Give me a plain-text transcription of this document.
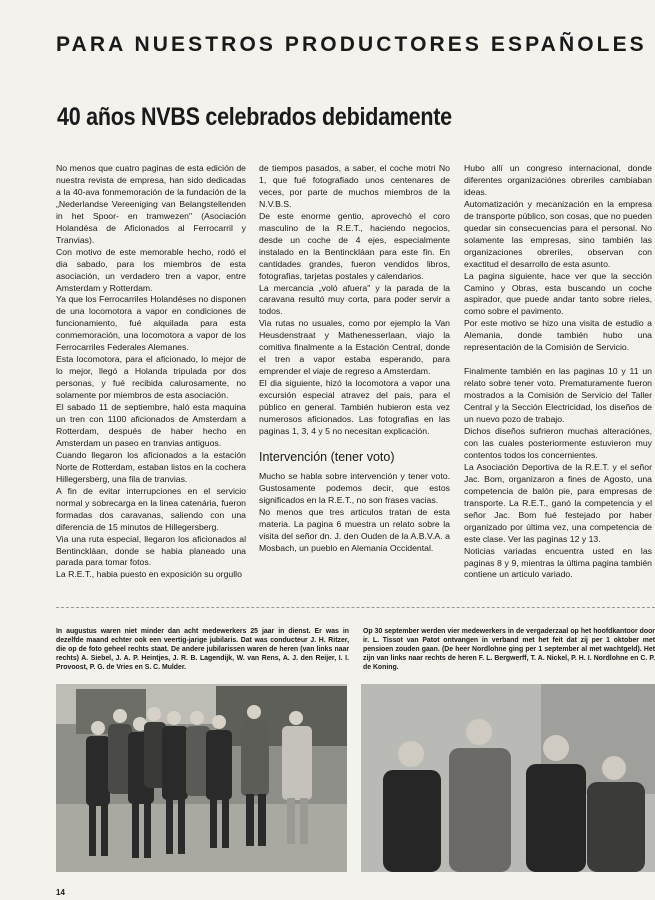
PARA NUESTROS PRODUCTORES ESPAÑOLES
40 años NVBS celebrados debidamente

No menos que cuatro paginas de esta edición de nuestra revista de empresa, han sido dedicadas a la 40-ava fonmemoración de la fundación de la „Nederlandse Vereeniging van Belangstellenden in het Spoor- en tramwezen" (Asociación Holandésa de Aficionados al Ferrocarril y Tranvias).

Con motivo de este memorable hecho, rodó el dia sabado, para los miembros de esta asociación, un verdadero tren a vapor, entre Amsterdam y Rotterdam.

Ya que los Ferrocarriles Holandéses no disponen de una locomotora a vapor en condiciones de funcionamiento, fué alquilada para esta conmemoración, una locomotora a vapor de los Ferrocarriles Federales Alemanes.

Esta locomotora, para el aficionado, lo mejor de lo mejor, llegó a Holanda tripulada por dos personas, y fué recibida calurosamente, no solamente por miembros de esta asociación.

El sabado 11 de septiembre, haló esta maquina un tren con 1100 aficionados de Amsterdam a Rotterdam, después de haber hecho en Amsterdam un paseo en tranvias antiguos.

Cuando llegaron los aficionados a la estación Norte de Rotterdam, estaban listos en la cochera Hillegersberg, una fila de tranvias.

A fin de evitar interrupciones en el servicio normal y sobrecarga en la linea catenária, fueron formadas dos caravanas, saliendo con una diferencia de 15 minutos de Hillegersberg.

Via una ruta especial, llegaron los aficionados al Bentinckláan, donde se habia planeado una parada para tomar fotos.

La R.E.T., habia puesto en exposición su orgullo

de tiempos pasados, a saber, el coche motri No 1, que fué fotografiado unos centenares de veces, por parte de muchos miembros de la N.V.B.S.

De este enorme gentio, aprovechó el coro masculino de la R.E.T., haciendo negocios, desde un coche de 4 ejes, especialmente instalado en la Bentinckláan para este fin. En cantidades grandes, fueron vendidos libros, fotografias, tarjetas postales y calendarios.

La mercancia „voló afuera" y la parada de la caravana resultó muy corta, para poder servir a todos.

Via rutas no usuales, como por ejemplo la Van Heusdenstraat y Mathenesserlaan, viajo la comitiva finalmente a la Estación Central, donde el tren a vapor estaba esperando, para emprender el viaje de regreso a Amsterdam.

El dia siguiente, hizó la locomotora a vapor una excursión especial atravez del pais, para el público en general. También hubieron esta vez numerosos aficionados. Las fotografias en las paginas 1, 3, 4 y 5 no necesitan explicación.

Intervención (tener voto)

Mucho se habla sobre intervención y tener voto. Gustosamente podemos decir, que estos significados en la R.E.T., no son frases vacias.

No menos que tres articulos tratan de esta materia. La pagina 6 muestra un relato sobre la visita del señor dn. J. den Ouden de la A.B.V.A. a Mosbach, un pueblo en Alemania Occidental.

Hubo allí un congreso internacional, donde diferentes organizaciónes obreriles cambiaban ideas.

Automatización y mecanización en la empresa de transporte público, son cosas, que no pueden quedar sin consecuencias para el personal. No solamente las empresas, sino también las organizaciones obreriles, observan con exactitud el desarrollo de esta asunto.

La pagina siguiente, hace ver que la sección Camino y Obras, esta buscando un coche aspirador, que puede andar tanto sobre rieles, como sobre el pavimento.

Por este motivo se hizo una visita de estudio a Alemania, donde también hubo una representación de la Comisión de Servicio.

Finalmente también en las paginas 10 y 11 un relato sobre tener voto. Prematuramente fueron mostrados a la Comisión de Servicio del Taller Central y la Sección Electricidad, los diseños de un nuevo pozo de trabajo.

Dichos diseños sufrieron muchas alteraciónes, con las cuales posteriormente estuvieron muy contentos todos los concernientes.

La Asociación Deportiva de la R.E.T. y el señor Jac. Bom, organizaron a fines de Agosto, una competencia de balón pie, para empresas de transporte. La R.E.T., ganó la competencia y el señor Jac. Bom fué festejado por haber organizado por última vez, una competencia de este clase. Ver las paginas 12 y 13.

Noticias variadas encuentra usted en las paginas 8 y 9, mientras la última pagina también contiene un articulo variado.

In augustus waren niet minder dan acht medewerkers 25 jaar in dienst. Er was in dezelfde maand echter ook een veertig-jarige jubilaris. Dat was conducteur J. H. Ritzer, die op de foto geheel rechts staat. De andere jubilarissen waren de heren (van links naar rechts) A. Siebel, J. A. P. Heintjes, J. R. B. Lagendijk, W. van Rens, A. J. den Reijer, I. I. Provoost, P. G. de Vries en S. C. Mulder.
Op 30 september werden vier medewerkers in de vergaderzaal op het hoofdkantoor door ir. L. Tissot van Patot ontvangen in verband met het feit dat zij per 1 oktober met pensioen zouden gaan. (De heer Nordlohne ging per 1 september al met wachtgeld). Het zijn van links naar rechts de heren F. L. Bergwerff, T. A. Nickel, P. H. I. Nordlohne en C. P. de Koning.
14
